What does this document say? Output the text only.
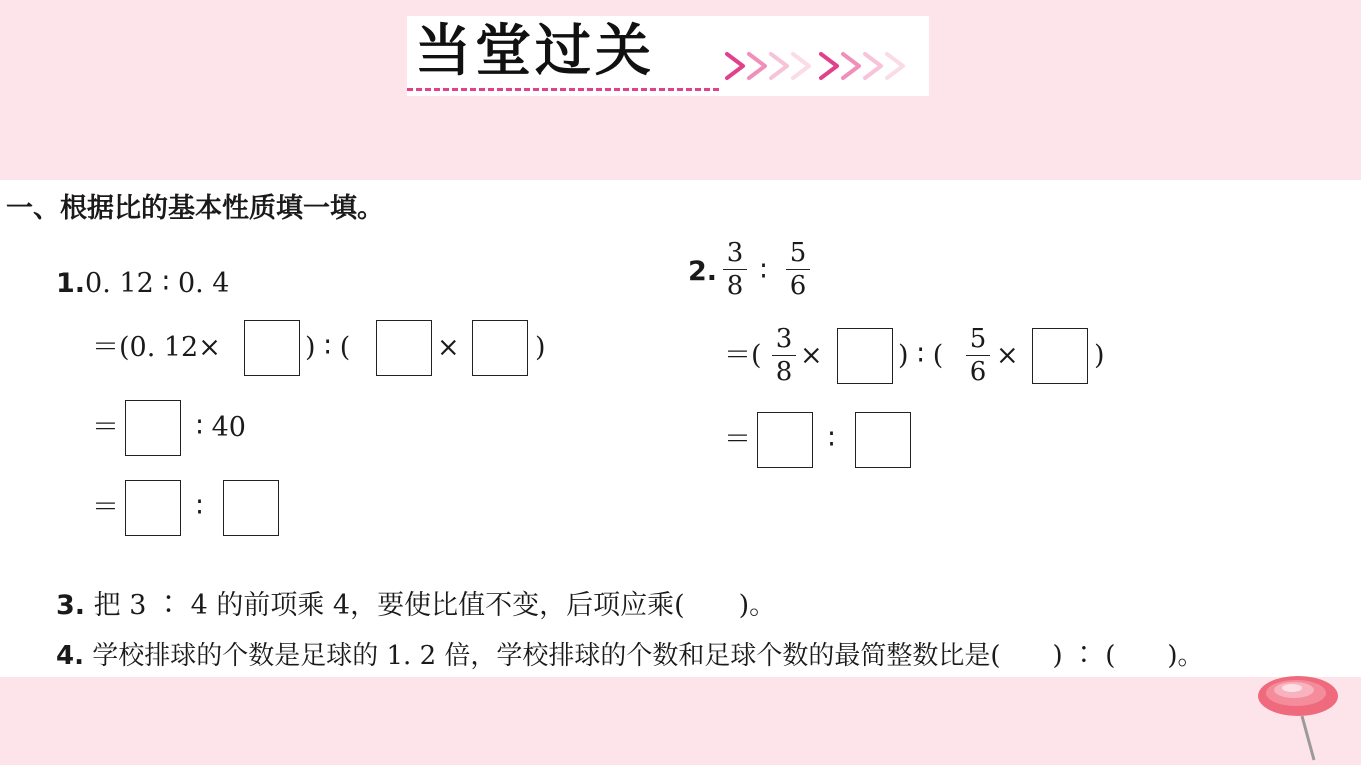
当堂过关
一、根据比的基本性质填一填。
1.0. 12 ∶ 0. 4
＝(0. 12×	) ∶ (	×	)
＝	∶ 40
＝	∶
2.
3
8 ∶
5
6
＝(
3
8
×	) ∶ (
5
6
×	)
＝	∶
3. 把 3 ∶ 4 的前项乘 4，要使比值不变，后项应乘(　　)。
4. 学校排球的个数是足球的 1. 2 倍，学校排球的个数和足球个数的最简整数比是(　　) ∶ (　　)。
